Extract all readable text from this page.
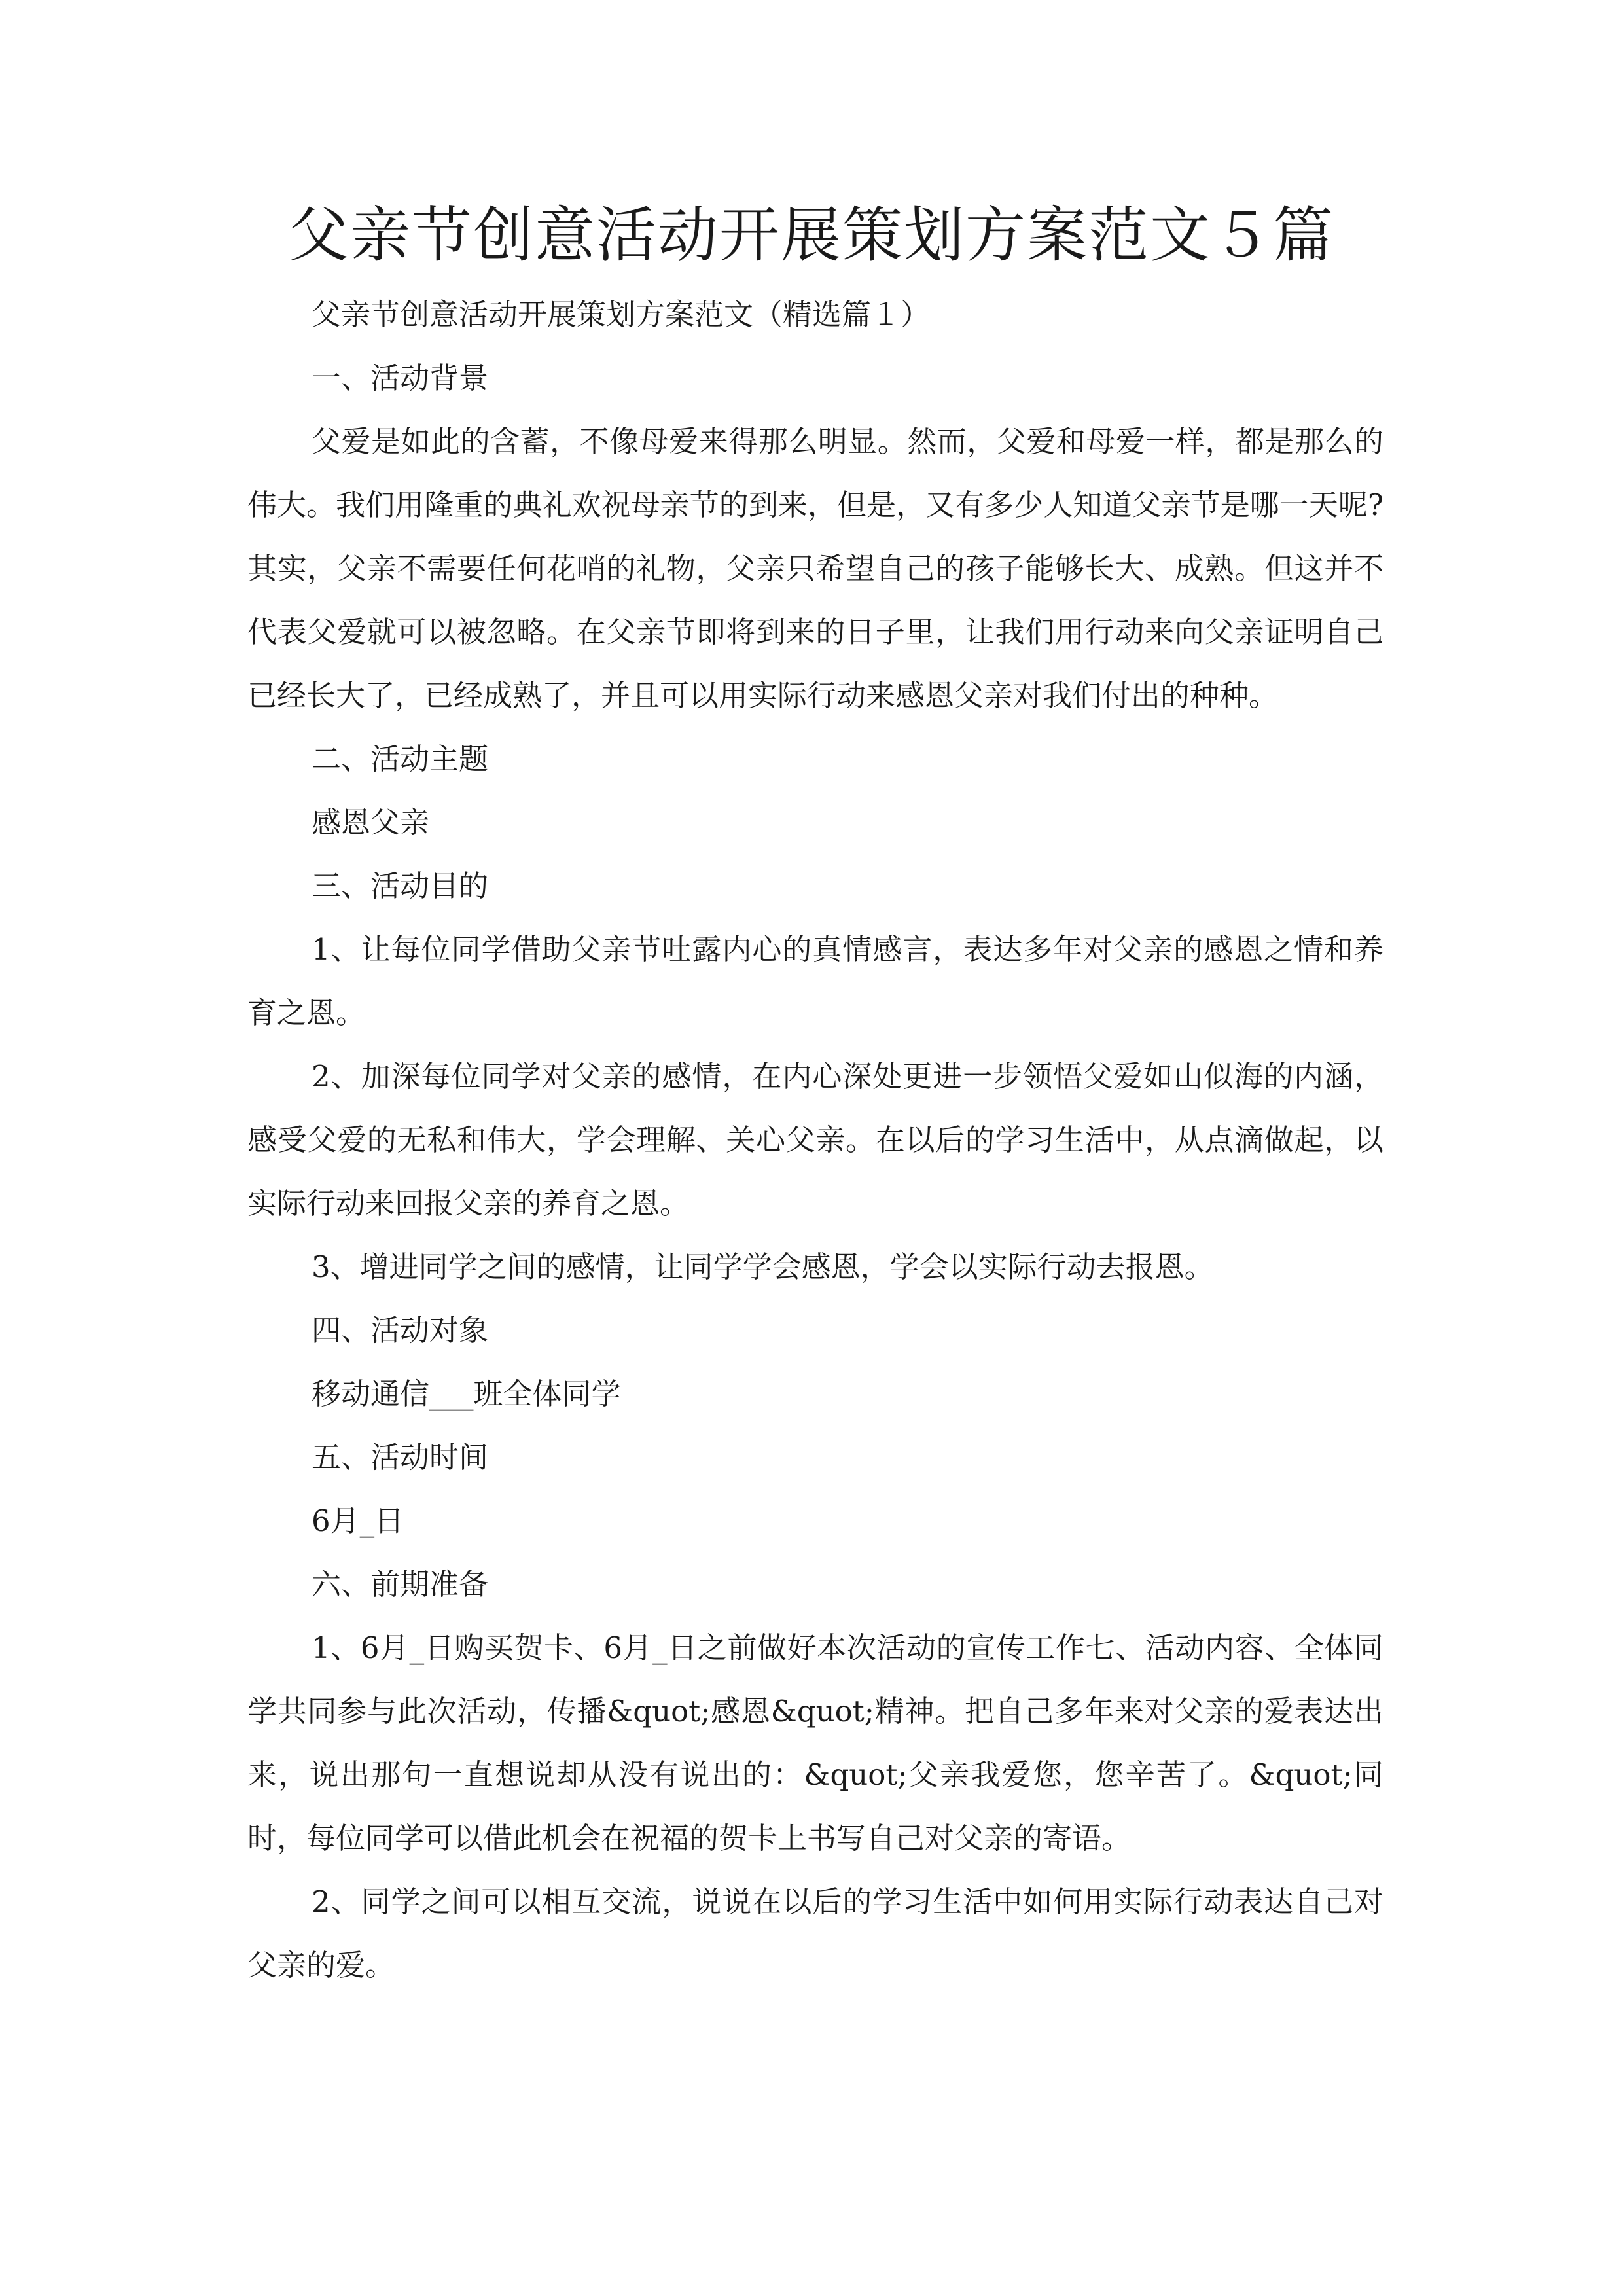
父亲节创意活动开展策划方案范文５篇

父亲节创意活动开展策划方案范文（精选篇１）

一、活动背景

父爱是如此的含蓄，不像母爱来得那么明显。然而，父爱和母爱一样，都是那么的伟大。我们用隆重的典礼欢祝母亲节的到来，但是，又有多少人知道父亲节是哪一天呢?其实，父亲不需要任何花哨的礼物，父亲只希望自己的孩子能够长大、成熟。但这并不代表父爱就可以被忽略。在父亲节即将到来的日子里，让我们用行动来向父亲证明自己已经长大了，已经成熟了，并且可以用实际行动来感恩父亲对我们付出的种种。

二、活动主题

感恩父亲

三、活动目的

1、让每位同学借助父亲节吐露内心的真情感言，表达多年对父亲的感恩之情和养育之恩。

2、加深每位同学对父亲的感情，在内心深处更进一步领悟父爱如山似海的内涵，感受父爱的无私和伟大，学会理解、关心父亲。在以后的学习生活中，从点滴做起，以实际行动来回报父亲的养育之恩。

3、增进同学之间的感情，让同学学会感恩，学会以实际行动去报恩。

四、活动对象

移动通信___班全体同学

五、活动时间

6月_日

六、前期准备

1、6月_日购买贺卡、6月_日之前做好本次活动的宣传工作七、活动内容、全体同学共同参与此次活动，传播&quot;感恩&quot;精神。把自己多年来对父亲的爱表达出来，说出那句一直想说却从没有说出的：&quot;父亲我爱您，您辛苦了。&quot;同时，每位同学可以借此机会在祝福的贺卡上书写自己对父亲的寄语。

2、同学之间可以相互交流，说说在以后的学习生活中如何用实际行动表达自己对父亲的爱。
